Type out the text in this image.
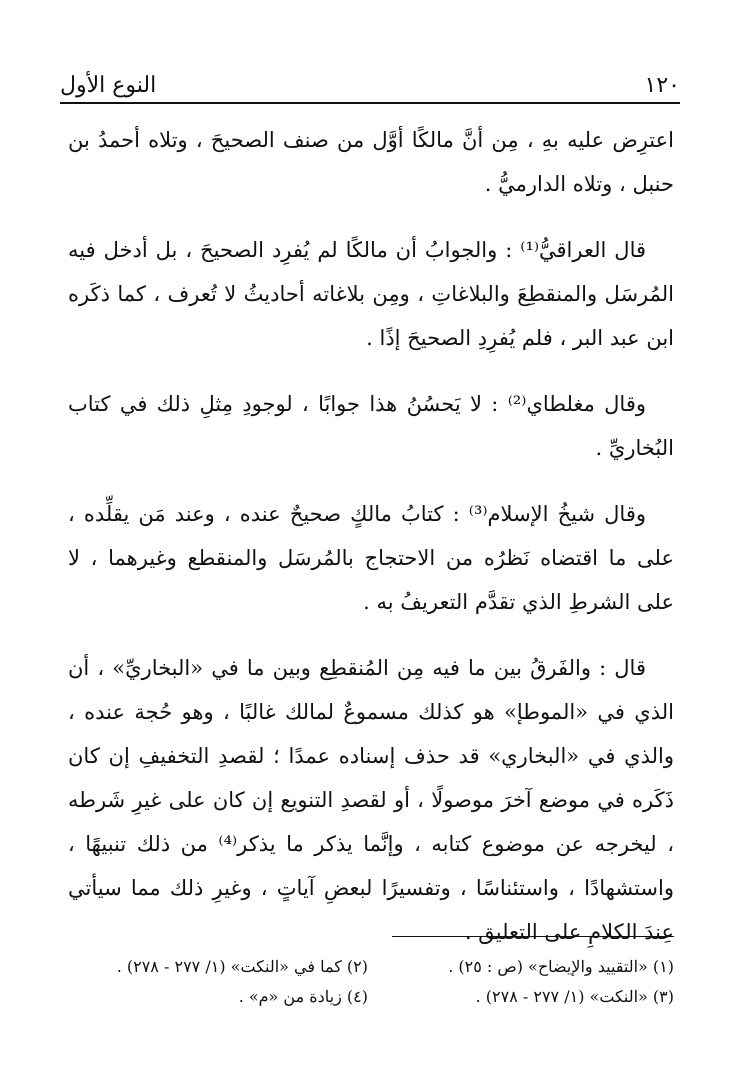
١٢٠
النوع الأول

اعترِض عليه بهِ ، مِن أنَّ مالكًا أوَّل من صنف الصحيحَ ، وتلاه أحمدُ بن حنبل ، وتلاه الدارميُّ .

قال العراقيُّ⁽¹⁾ : والجوابُ أن مالكًا لم يُفرِد الصحيحَ ، بل أدخل فيه المُرسَل والمنقطِعَ والبلاغاتِ ، ومِن بلاغاته أحاديثُ لا تُعرف ، كما ذكَره ابن عبد البر ، فلم يُفرِدِ الصحيحَ إذًا .

وقال مغلطاي⁽²⁾ : لا يَحسُنُ هذا جوابًا ، لوجودِ مِثلِ ذلك في كتاب البُخاريِّ .

وقال شيخُ الإسلام⁽³⁾ : كتابُ مالكٍ صحيحٌ عنده ، وعند مَن يقلِّده ، على ما اقتضاه نَظرُه من الاحتجاج بالمُرسَل والمنقطع وغيرهما ، لا على الشرطِ الذي تقدَّم التعريفُ به .

قال : والفَرقُ بين ما فيه مِن المُنقطِع وبين ما في «البخاريِّ» ، أن الذي في «الموطإ» هو كذلك مسموعٌ لمالك غالبًا ، وهو حُجة عنده ، والذي في «البخاري» قد حذف إسناده عمدًا ؛ لقصدِ التخفيفِ إن كان ذَكَره في موضع آخرَ موصولًا ، أو لقصدِ التنويع إن كان على غيرِ شَرطه ، ليخرجه عن موضوع كتابه ، وإنَّما يذكر ما يذكر⁽⁴⁾ من ذلك تنبيهًا ، واستشهادًا ، واستئناسًا ، وتفسيرًا لبعضِ آياتٍ ، وغيرِ ذلك مما سيأتي عِندَ الكلامِ على التعليق .

(١) «التقييد والإيضاح» (ص : ٢٥) .
(٢) كما في «النكت» (١/ ٢٧٧ - ٢٧٨) .
(٣) «النكت» (١/ ٢٧٧ - ٢٧٨) .
(٤) زيادة من «م» .
